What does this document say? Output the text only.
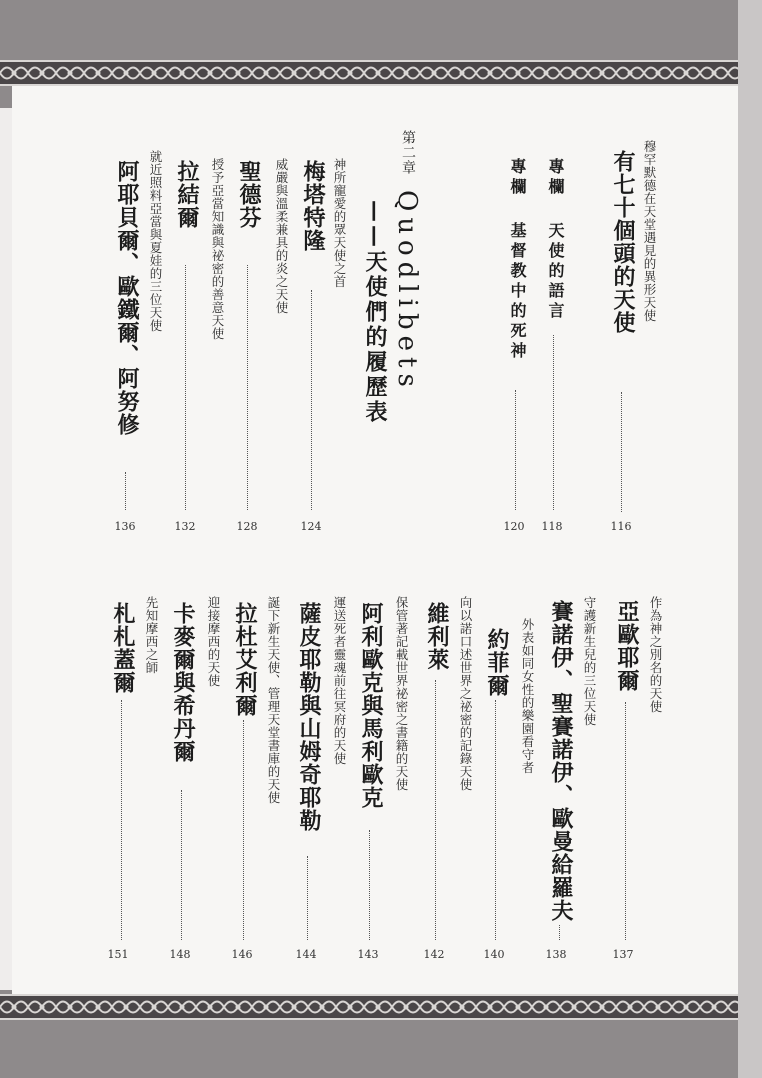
穆罕默德在天堂遇見的異形天使
有七十個頭的天使
116
專欄
天使的語言
118
專欄
基督教中的死神
120
第二章
Quodlibets
——天使們的履歷表
神所寵愛的眾天使之首
梅塔特隆
124
威嚴與溫柔兼具的炎之天使
聖德芬
128
授予亞當知識與祕密的善意天使
拉結爾
132
就近照料亞當與夏娃的三位天使
阿耶貝爾、歐鐵爾、阿努修
136
作為神之別名的天使
亞歐耶爾
137
守護新生兒的三位天使
賽諾伊、聖賽諾伊、歐曼給羅夫
138
外表如同女性的樂園看守者
約菲爾
140
向以諾口述世界之祕密的記錄天使
維利萊
142
保管著記載世界祕密之書籍的天使
阿利歐克與馬利歐克
143
運送死者靈魂前往冥府的天使
薩皮耶勒與山姆奇耶勒
144
誕下新生天使、管理天堂書庫的天使
拉杜艾利爾
146
迎接摩西的天使
卡麥爾與希丹爾
148
先知摩西之師
札札蓋爾
151
